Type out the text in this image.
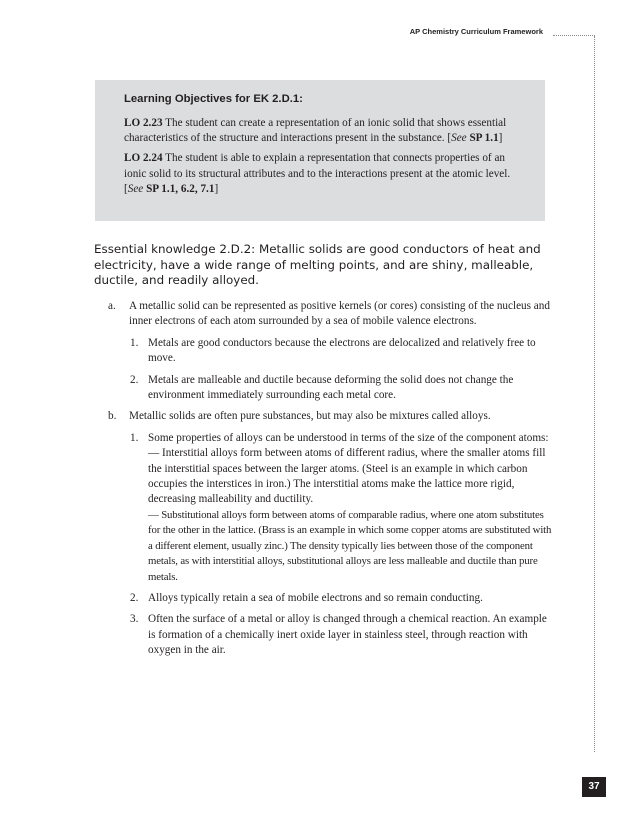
AP Chemistry Curriculum Framework

Learning Objectives for EK 2.D.1:

LO 2.23 The student can create a representation of an ionic solid that shows essential characteristics of the structure and interactions present in the substance. [See SP 1.1]

LO 2.24 The student is able to explain a representation that connects properties of an ionic solid to its structural attributes and to the interactions present at the atomic level. [See SP 1.1, 6.2, 7.1]

Essential knowledge 2.D.2: Metallic solids are good conductors of heat and electricity, have a wide range of melting points, and are shiny, malleable, ductile, and readily alloyed.

a. A metallic solid can be represented as positive kernels (or cores) consisting of the nucleus and inner electrons of each atom surrounded by a sea of mobile valence electrons.

1. Metals are good conductors because the electrons are delocalized and relatively free to move.
2. Metals are malleable and ductile because deforming the solid does not change the environment immediately surrounding each metal core.

b. Metallic solids are often pure substances, but may also be mixtures called alloys.

1. Some properties of alloys can be understood in terms of the size of the component atoms:
— Interstitial alloys form between atoms of different radius, where the smaller atoms fill the interstitial spaces between the larger atoms. (Steel is an example in which carbon occupies the interstices in iron.) The interstitial atoms make the lattice more rigid, decreasing malleability and ductility.
— Substitutional alloys form between atoms of comparable radius, where one atom substitutes for the other in the lattice. (Brass is an example in which some copper atoms are substituted with a different element, usually zinc.) The density typically lies between those of the component metals, as with interstitial alloys, substitutional alloys are less malleable and ductile than pure metals.
2. Alloys typically retain a sea of mobile electrons and so remain conducting.
3. Often the surface of a metal or alloy is changed through a chemical reaction. An example is formation of a chemically inert oxide layer in stainless steel, through reaction with oxygen in the air.
37
